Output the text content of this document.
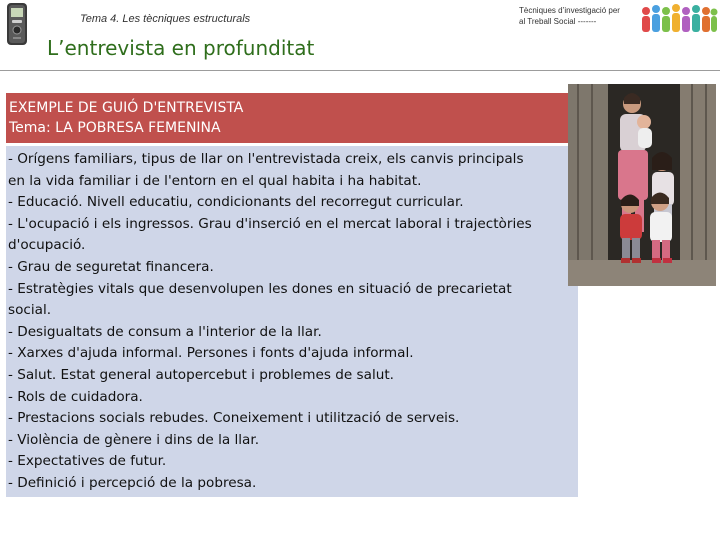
Tema 4. Les tècniques estructurals
Tècniques d’investigació per
al Treball Social -------
L’entrevista en profunditat
EXEMPLE DE GUIÓ D'ENTREVISTA
Tema: LA POBRESA FEMENINA
- Orígens familiars, tipus de llar on l'entrevistada creix, els canvis principals
en la vida familiar i de l'entorn en el qual habita i ha habitat.
- Educació. Nivell educatiu, condicionants del recorregut curricular.
- L'ocupació i els ingressos. Grau d'inserció en el mercat laboral i trajectòries
d'ocupació.
- Grau de seguretat financera.
- Estratègies vitals que desenvolupen les dones en situació de precarietat
social.
- Desigualtats de consum a l'interior de la llar.
- Xarxes d'ajuda informal. Persones i fonts d'ajuda informal.
- Salut. Estat general autopercebut i problemes de salut.
- Rols de cuidadora.
- Prestacions socials rebudes. Coneixement i utilització de serveis.
- Violència de gènere i dins de la llar.
- Expectatives de futur.
- Definició i percepció de la pobresa.
